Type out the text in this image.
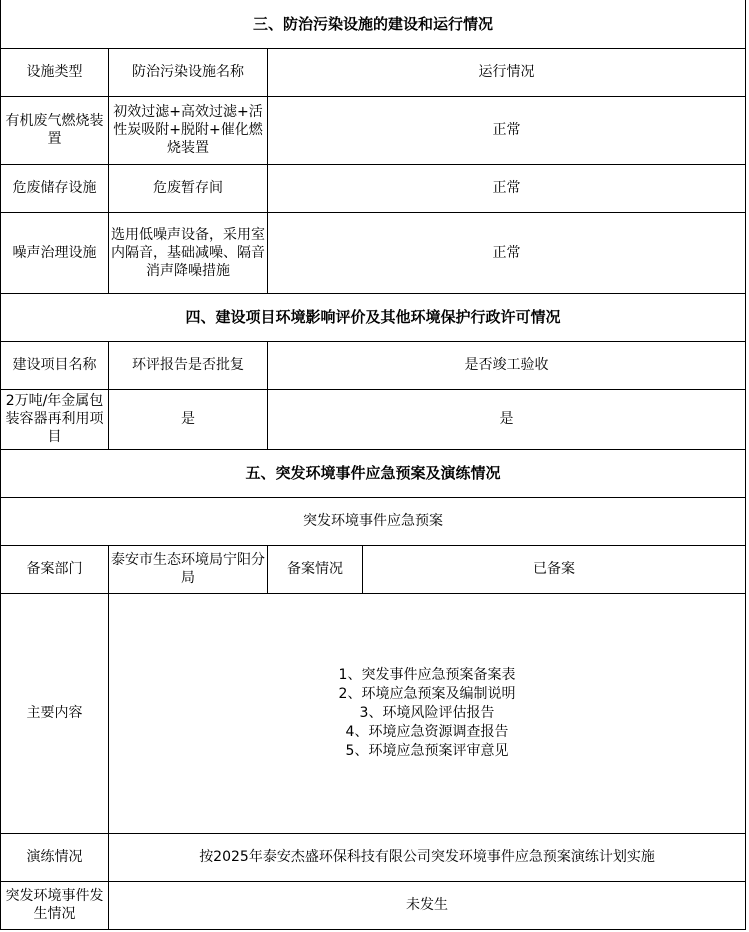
三、防治污染设施的建设和运行情况			
设施类型	防治污染设施名称	运行情况	
有机废气燃烧装置	初效过滤+高效过滤+活性炭吸附+脱附+催化燃烧装置	正常	
危废储存设施	危废暂存间	正常	
噪声治理设施	选用低噪声设备，采用室内隔音，基础减噪、隔音消声降噪措施	正常	
四、建设项目环境影响评价及其他环境保护行政许可情况			
建设项目名称	环评报告是否批复	是否竣工验收	
2万吨/年金属包装容器再利用项目	是	是	
五、突发环境事件应急预案及演练情况			
突发环境事件应急预案			
备案部门	泰安市生态环境局宁阳分局	备案情况	已备案
主要内容	1、突发事件应急预案备案表
2、环境应急预案及编制说明
3、环境风险评估报告
4、环境应急资源调查报告
5、环境应急预案评审意见		

演练情况	按2025年泰安杰盛环保科技有限公司突发环境事件应急预案演练计划实施		
突发环境事件发生情况	未发生		
